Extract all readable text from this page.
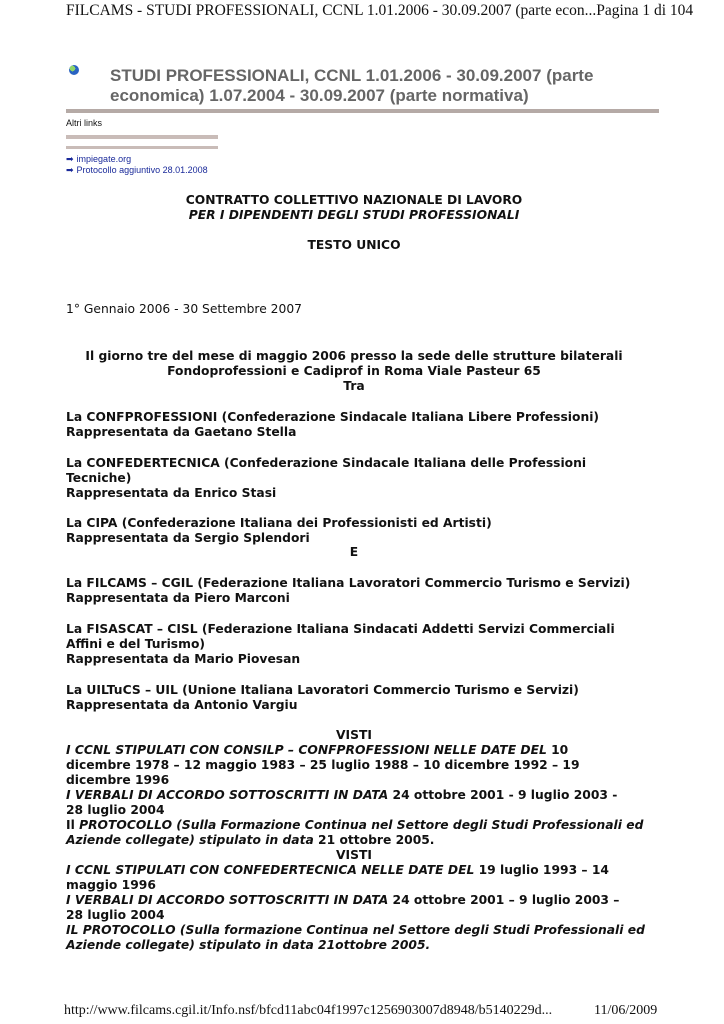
FILCAMS - STUDI PROFESSIONALI, CCNL 1.01.2006 - 30.09.2007 (parte econ...Pagina 1 di 104
STUDI PROFESSIONALI, CCNL 1.01.2006 - 30.09.2007 (parte economica) 1.07.2004 - 30.09.2007 (parte normativa)
Altri links
➡ impiegate.org
➡ Protocollo aggiuntivo 28.01.2008
CONTRATTO COLLETTIVO NAZIONALE DI LAVORO
PER I DIPENDENTI DEGLI STUDI PROFESSIONALI
TESTO UNICO
1° Gennaio 2006 - 30 Settembre 2007
Il giorno tre del mese di maggio 2006 presso la sede delle strutture bilaterali
Fondoprofessioni e Cadiprof in Roma Viale Pasteur 65
Tra
La CONFPROFESSIONI (Confederazione Sindacale Italiana Libere Professioni)
Rappresentata da Gaetano Stella
La CONFEDERTECNICA (Confederazione Sindacale Italiana delle Professioni
Tecniche)
Rappresentata da Enrico Stasi
La CIPA (Confederazione Italiana dei Professionisti ed Artisti)
Rappresentata da Sergio Splendori
E
La FILCAMS – CGIL (Federazione Italiana Lavoratori Commercio Turismo e Servizi)
Rappresentata da Piero Marconi
La FISASCAT – CISL (Federazione Italiana Sindacati Addetti Servizi Commerciali
Affini e del Turismo)
Rappresentata da Mario Piovesan
La UILTuCS – UIL (Unione Italiana Lavoratori Commercio Turismo e Servizi)
Rappresentata da Antonio Vargiu
VISTI
I CCNL STIPULATI CON CONSILP – CONFPROFESSIONI NELLE DATE DEL 10
dicembre 1978 – 12 maggio 1983 – 25 luglio 1988 – 10 dicembre 1992 – 19
dicembre 1996
I VERBALI DI ACCORDO SOTTOSCRITTI IN DATA 24 ottobre 2001 - 9 luglio 2003 -
28 luglio 2004
Il PROTOCOLLO (Sulla Formazione Continua nel Settore degli Studi Professionali ed
Aziende collegate) stipulato in data 21 ottobre 2005.
VISTI
I CCNL STIPULATI CON CONFEDERTECNICA NELLE DATE DEL 19 luglio 1993 – 14
maggio 1996
I VERBALI DI ACCORDO SOTTOSCRITTI IN DATA 24 ottobre 2001 – 9 luglio 2003 –
28 luglio 2004
IL PROTOCOLLO (Sulla formazione Continua nel Settore degli Studi Professionali ed
Aziende collegate) stipulato in data 21ottobre 2005.
http://www.filcams.cgil.it/Info.nsf/bfcd11abc04f1997c1256903007d8948/b5140229d...	11/06/2009
